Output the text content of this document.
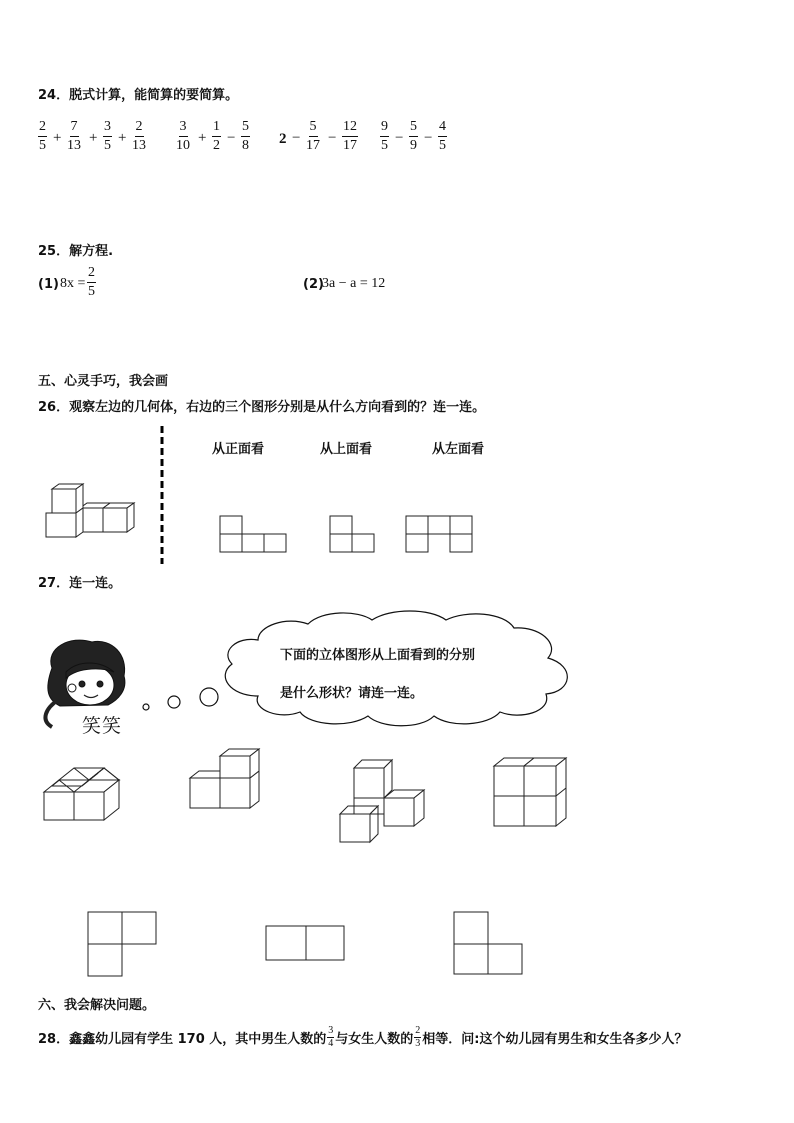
24．脱式计算，能简算的要简算。
$\frac{2}{5} + \frac{7}{13} + \frac{3}{5} + \frac{2}{13} \frac{3}{10} + \frac{1}{2} - \frac{5}{8} 2 - \frac{5}{17} - \frac{12}{17} \frac{9}{5} - \frac{5}{9} - \frac{4}{5}$
25．解方程.
(1) $8x = \frac{2}{5}$	(2)
3a − a = 12
五、心灵手巧，我会画
26．观察左边的几何体，右边的三个图形分别是从什么方向看到的？连一连。
从正面看	从上面看	从左面看
27．连一连。
笑笑
下面的立体图形从上面看到的分别
是什么形状？请连一连。
六、我会解决问题。
28．鑫鑫幼儿园有学生 170 人，其中男生人数的 $\frac{3}{4}$ 与女生人数的 $\frac{2}{3}$ 相等．问:这个幼儿园有男生和女生各多少人？
